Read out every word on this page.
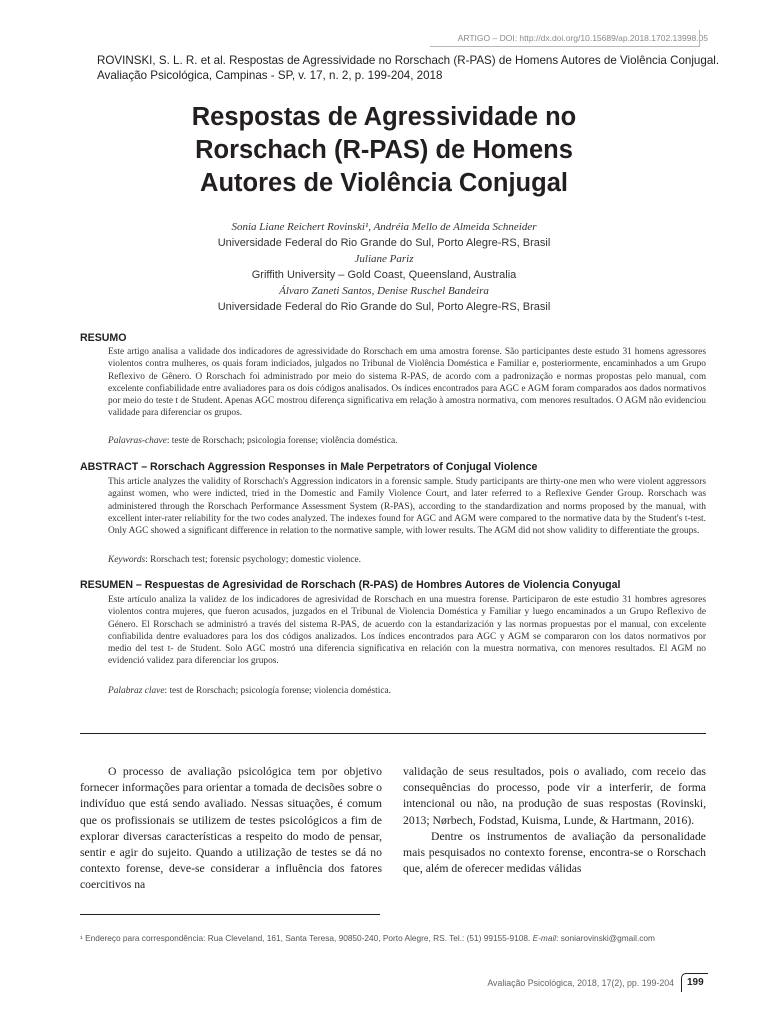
ARTIGO – DOI: http://dx.doi.org/10.15689/ap.2018.1702.13998.05
ROVINSKI, S. L. R. et al. Respostas de Agressividade no Rorschach (R-PAS) de Homens Autores de Violência Conjugal.
Avaliação Psicológica, Campinas - SP, v. 17, n. 2, p. 199-204, 2018
Respostas de Agressividade no
Rorschach (R-PAS) de Homens
Autores de Violência Conjugal
Sonia Liane Reichert Rovinski¹, Andréia Mello de Almeida Schneider
Universidade Federal do Rio Grande do Sul, Porto Alegre-RS, Brasil
Juliane Pariz
Griffith University – Gold Coast, Queensland, Australia
Álvaro Zaneti Santos, Denise Ruschel Bandeira
Universidade Federal do Rio Grande do Sul, Porto Alegre-RS, Brasil
RESUMO
Este artigo analisa a validade dos indicadores de agressividade do Rorschach em uma amostra forense. São participantes deste estudo 31 homens agressores violentos contra mulheres, os quais foram indiciados, julgados no Tribunal de Violência Doméstica e Familiar e, posteriormente, encaminhados a um Grupo Reflexivo de Gênero. O Rorschach foi administrado por meio do sistema R-PAS, de acordo com a padronização e normas propostas pelo manual, com excelente confiabilidade entre avaliadores para os dois códigos analisados. Os índices encontrados para AGC e AGM foram comparados aos dados normativos por meio do teste t de Student. Apenas AGC mostrou diferença significativa em relação à amostra normativa, com menores resultados. O AGM não evidenciou validade para diferenciar os grupos.
Palavras-chave: teste de Rorschach; psicologia forense; violência doméstica.
ABSTRACT – Rorschach Aggression Responses in Male Perpetrators of Conjugal Violence
This article analyzes the validity of Rorschach's Aggression indicators in a forensic sample. Study participants are thirty-one men who were violent aggressors against women, who were indicted, tried in the Domestic and Family Violence Court, and later referred to a Reflexive Gender Group. Rorschach was administered through the Rorschach Performance Assessment System (R-PAS), according to the standardization and norms proposed by the manual, with excellent inter-rater reliability for the two codes analyzed. The indexes found for AGC and AGM were compared to the normative data by the Student's t-test. Only AGC showed a significant difference in relation to the normative sample, with lower results. The AGM did not show validity to differentiate the groups.
Keywords: Rorschach test; forensic psychology; domestic violence.
RESUMEN – Respuestas de Agresividad de Rorschach (R-PAS) de Hombres Autores de Violencia Conyugal
Este artículo analiza la validez de los indicadores de agresividad de Rorschach en una muestra forense. Participaron de este estudio 31 hombres agresores violentos contra mujeres, que fueron acusados, juzgados en el Tribunal de Violencia Doméstica y Familiar y luego encaminados a un Grupo Reflexivo de Género. El Rorschach se administró a través del sistema R-PAS, de acuerdo con la estandarización y las normas propuestas por el manual, con excelente confiabilida dentre evaluadores para los dos códigos analizados. Los índices encontrados para AGC y AGM se compararon con los datos normativos por medio del test t- de Student. Solo AGC mostró una diferencia significativa en relación con la muestra normativa, con menores resultados. El AGM no evidenció validez para diferenciar los grupos.
Palabraz clave: test de Rorschach; psicología forense; violencia doméstica.
O processo de avaliação psicológica tem por objetivo fornecer informações para orientar a tomada de decisões sobre o indivíduo que está sendo avaliado. Nessas situações, é comum que os profissionais se utilizem de testes psicológicos a fim de explorar diversas características a respeito do modo de pensar, sentir e agir do sujeito. Quando a utilização de testes se dá no contexto forense, deve-se considerar a influência dos fatores coercitivos na

validação de seus resultados, pois o avaliado, com receio das consequências do processo, pode vir a interferir, de forma intencional ou não, na produção de suas respostas (Rovinski, 2013; Nørbech, Fodstad, Kuisma, Lunde, & Hartmann, 2016).

Dentre os instrumentos de avaliação da personalidade mais pesquisados no contexto forense, encontra-se o Rorschach que, além de oferecer medidas válidas

¹ Endereço para correspondência: Rua Cleveland, 161, Santa Teresa, 90850-240, Porto Alegre, RS. Tel.: (51) 99155-9108. E-mail: soniarovinski@gmail.com
Avaliação Psicológica, 2018, 17(2), pp. 199-204 199
